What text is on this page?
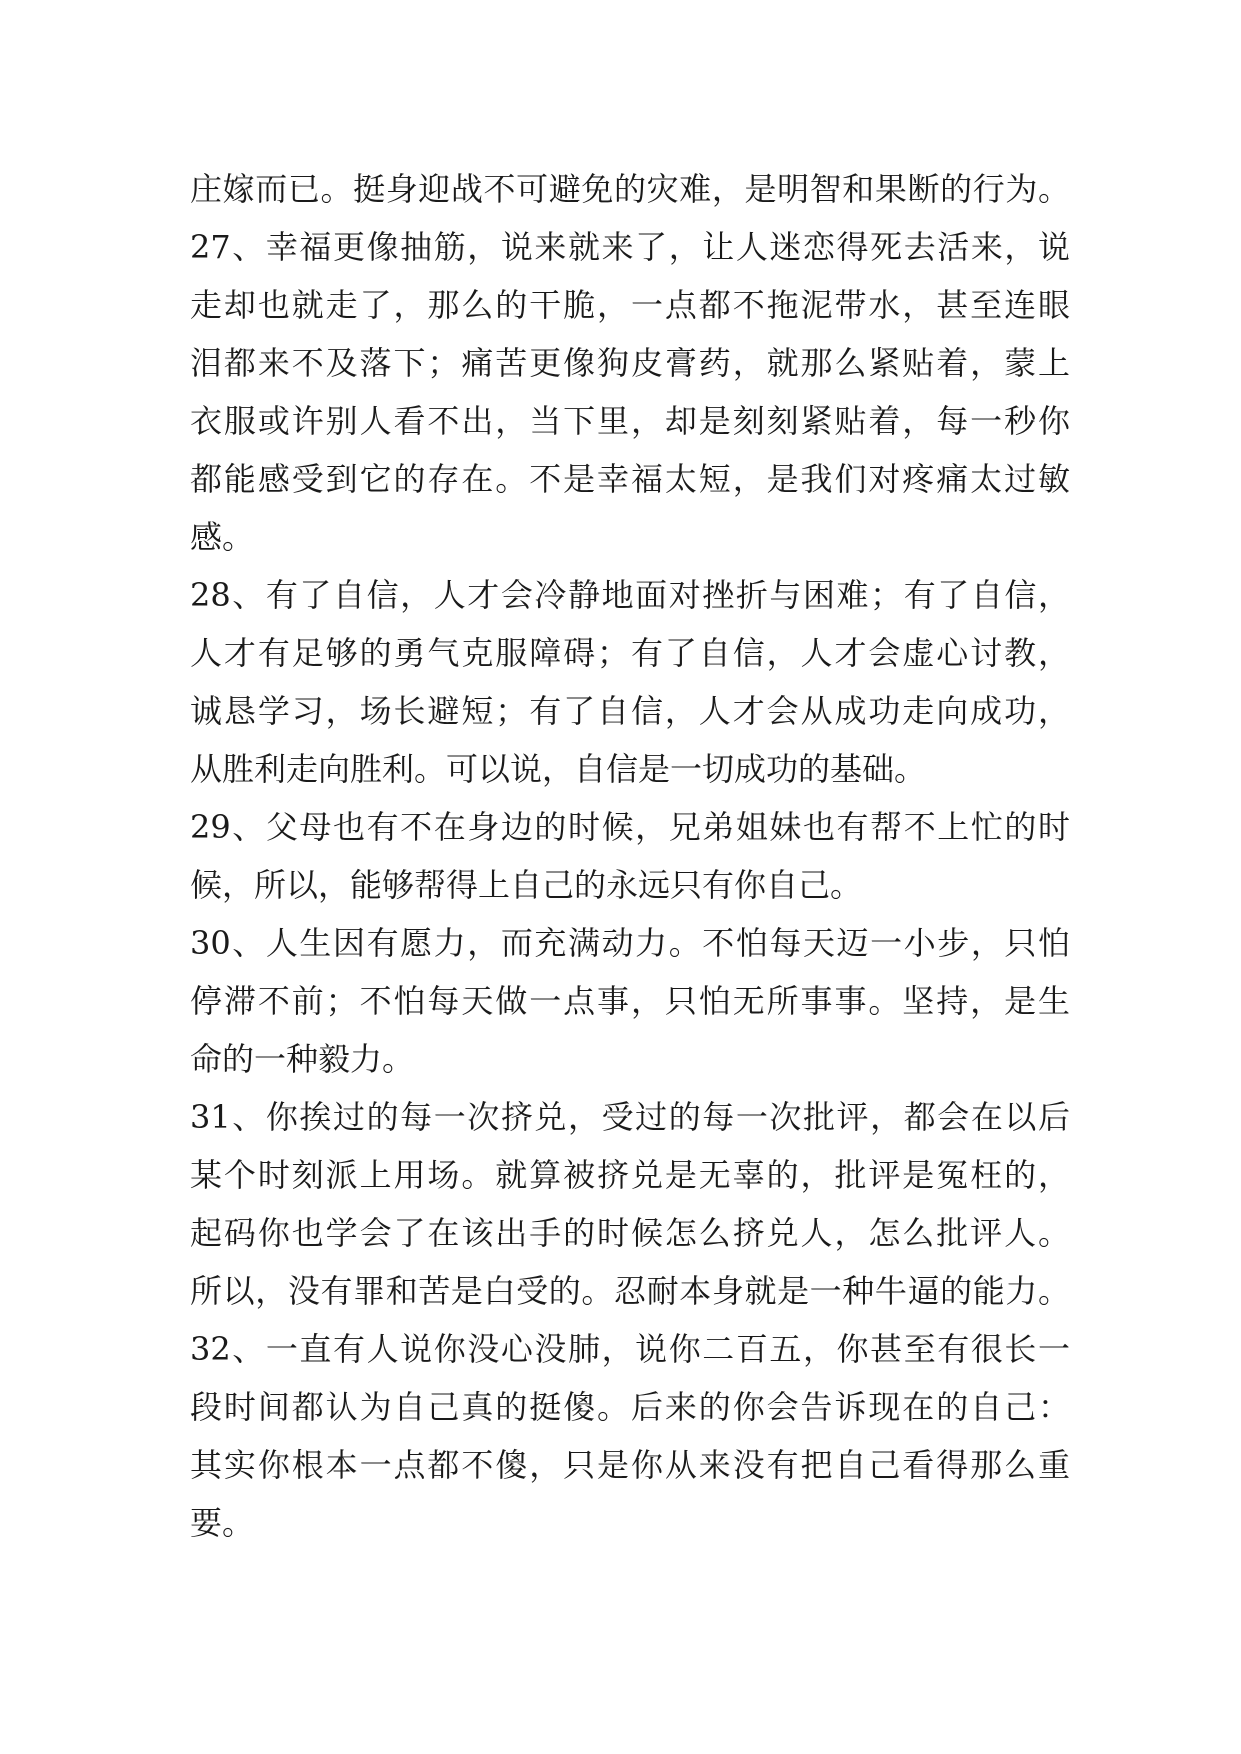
庄嫁而已。挺身迎战不可避免的灾难，是明智和果断的行为。
27、幸福更像抽筋，说来就来了，让人迷恋得死去活来，说
走却也就走了，那么的干脆，一点都不拖泥带水，甚至连眼
泪都来不及落下；痛苦更像狗皮膏药，就那么紧贴着，蒙上
衣服或许别人看不出，当下里，却是刻刻紧贴着，每一秒你
都能感受到它的存在。不是幸福太短，是我们对疼痛太过敏
感。
28、有了自信，人才会冷静地面对挫折与困难；有了自信，
人才有足够的勇气克服障碍；有了自信，人才会虚心讨教，
诚恳学习，场长避短；有了自信，人才会从成功走向成功，
从胜利走向胜利。可以说，自信是一切成功的基础。
29、父母也有不在身边的时候，兄弟姐妹也有帮不上忙的时
候，所以，能够帮得上自己的永远只有你自己。
30、人生因有愿力，而充满动力。不怕每天迈一小步，只怕
停滞不前；不怕每天做一点事，只怕无所事事。坚持，是生
命的一种毅力。
31、你挨过的每一次挤兑，受过的每一次批评，都会在以后
某个时刻派上用场。就算被挤兑是无辜的，批评是冤枉的，
起码你也学会了在该出手的时候怎么挤兑人，怎么批评人。
所以，没有罪和苦是白受的。忍耐本身就是一种牛逼的能力。
32、一直有人说你没心没肺，说你二百五，你甚至有很长一
段时间都认为自己真的挺傻。后来的你会告诉现在的自己：
其实你根本一点都不傻，只是你从来没有把自己看得那么重
要。
